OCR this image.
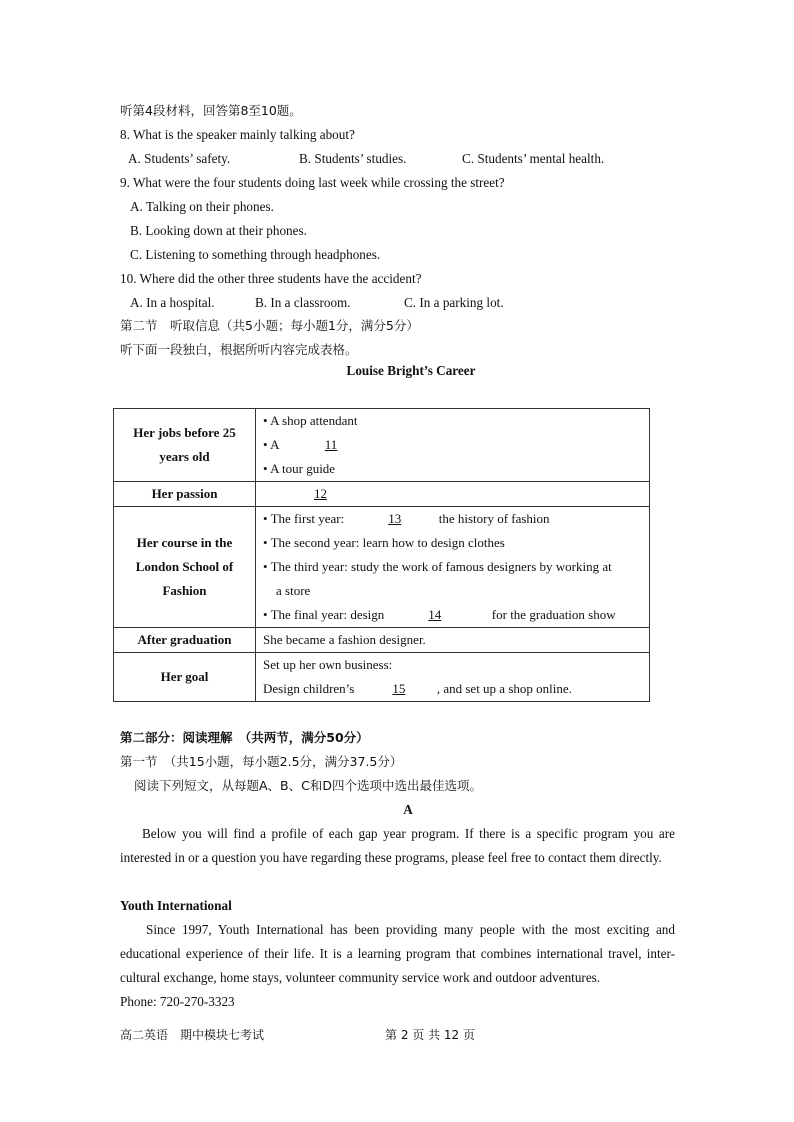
听第4段材料，回答第8至10题。
8. What is the speaker mainly talking about?
A. Students’ safety.	B. Students’ studies.	C. Students’ mental health.
9. What were the four students doing last week while crossing the street?
A. Talking on their phones.
B. Looking down at their phones.
C. Listening to something through headphones.
10. Where did the other three students have the accident?
A. In a hospital.	B. In a classroom.	C. In a parking lot.
第二节　听取信息（共5小题；每小题1分，满分5分）
听下面一段独白，根据所听内容完成表格。
Louise Bright’s Career
Her jobs before 25 years old	• A shop attendant
• A 11
• A tour guide

Her passion	12

Her course in the London School of Fashion	• The first year: 13 the history of fashion
• The second year: learn how to design clothes
• The third year: study the work of famous designers by working at
a store
• The final year: design 14 for the graduation show

After graduation	She became a fashion designer.
Her goal	Set up her own business:
Design children’s 15 , and set up a shop online.
第二部分：阅读理解　（共两节，满分50分）
第一节　（共15小题，每小题2.5分，满分37.5分）
阅读下列短文，从每题A、B、C和D四个选项中选出最佳选项。
A
Below you will find a profile of each gap year program. If there is a specific program you are interested in or a question you have regarding these programs, please feel free to contact them directly.
Youth International
Since 1997, Youth International has been providing many people with the most exciting and educational experience of their life. It is a learning program that combines international travel, inter-cultural exchange, home stays, volunteer community service work and outdoor adventures.
Phone: 720-270-3323
高二英语　期中模块七考试	第 2 页 共 12 页
